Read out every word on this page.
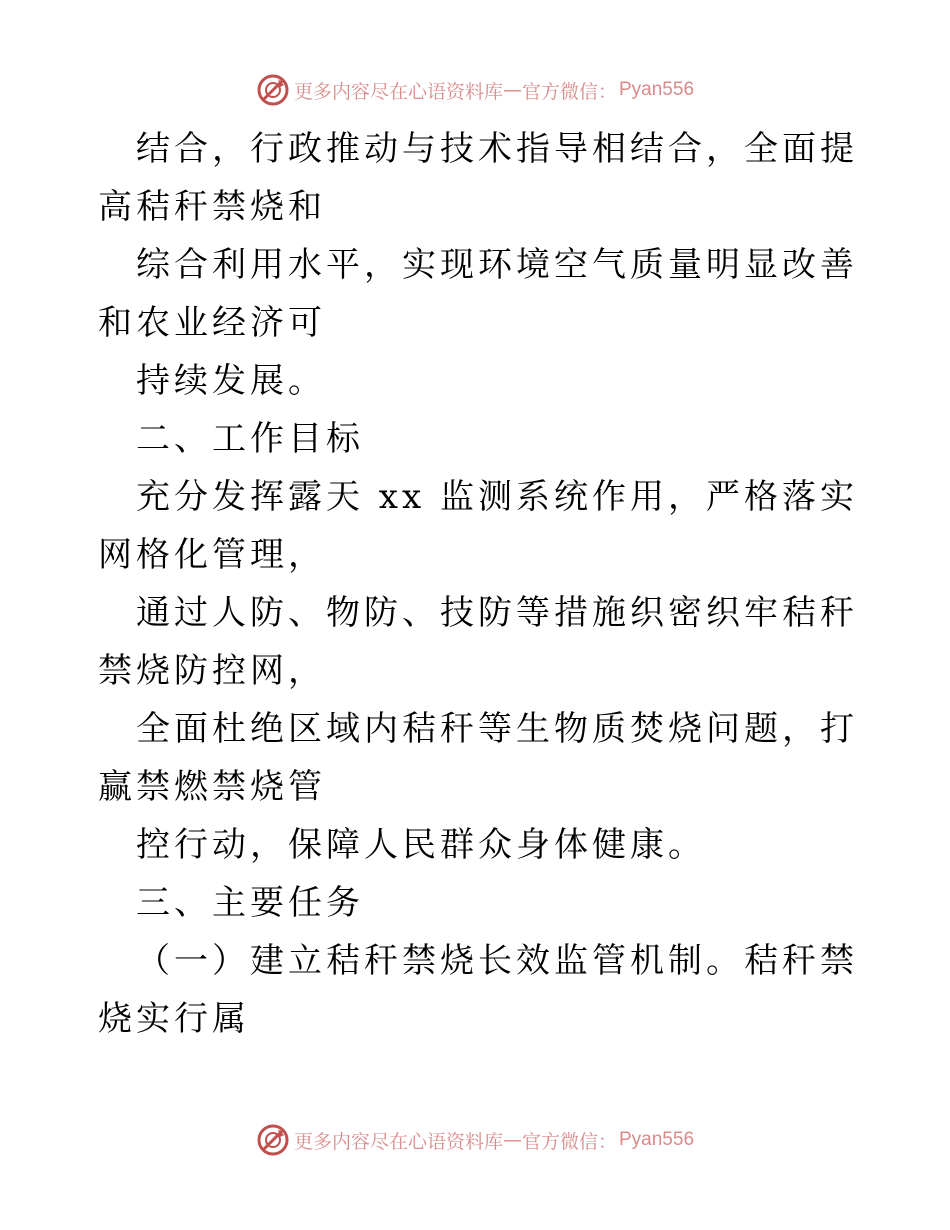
更多内容尽在心语资料库 — 官方微信： Pyan556

结合，行政推动与技术指导相结合，全面提高秸秆禁烧和

综合利用水平，实现环境空气质量明显改善和农业经济可

持续发展。

二、工作目标

充分发挥露天 xx 监测系统作用，严格落实网格化管理，

通过人防、物防、技防等措施织密织牢秸秆禁烧防控网，

全面杜绝区域内秸秆等生物质焚烧问题，打赢禁燃禁烧管

控行动，保障人民群众身体健康。

三、主要任务

（一）建立秸秆禁烧长效监管机制。秸秆禁烧实行属

更多内容尽在心语资料库 — 官方微信： Pyan556
